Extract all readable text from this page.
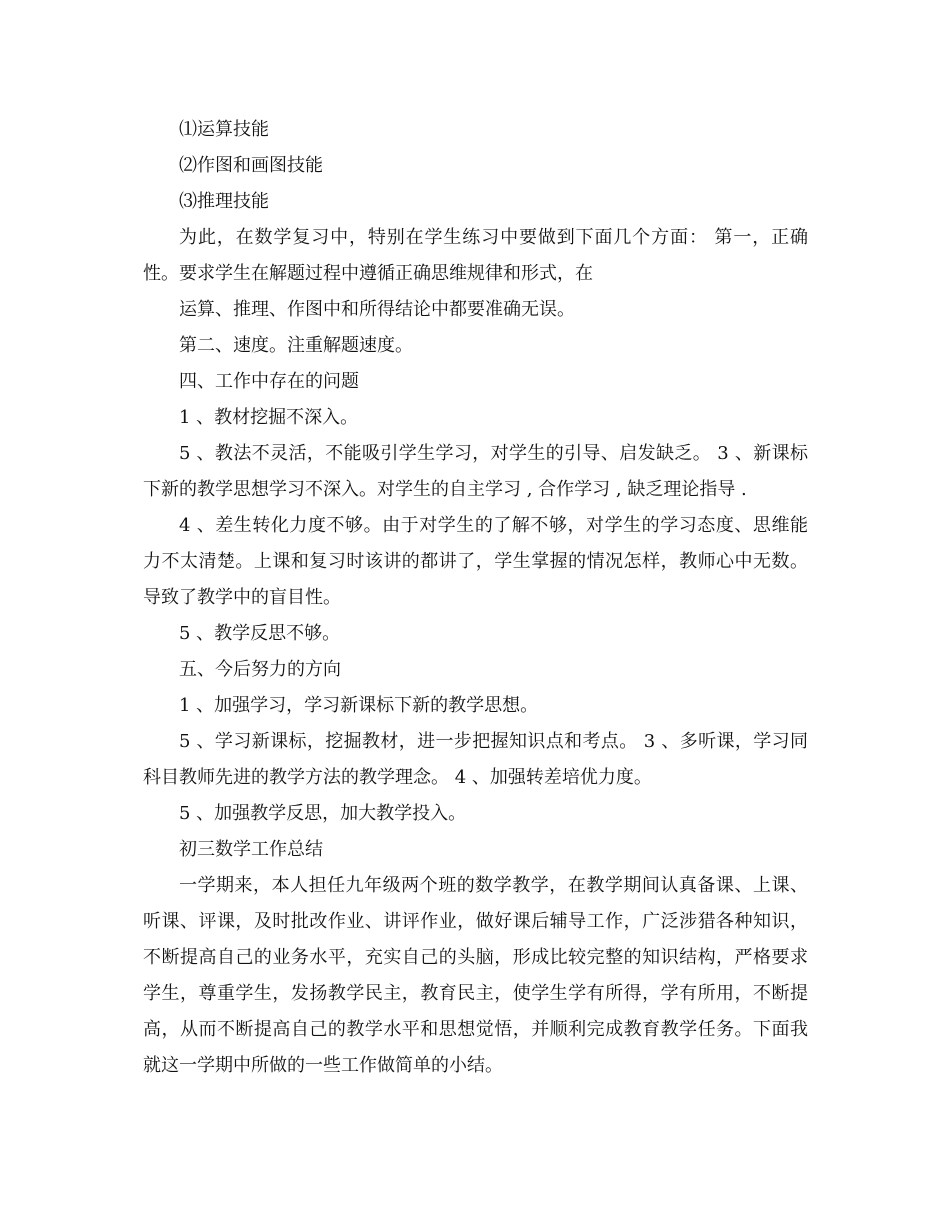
⑴运算技能

⑵作图和画图技能

⑶推理技能

为此，在数学复习中，特别在学生练习中要做到下面几个方面： 第一，正确性。要求学生在解题过程中遵循正确思维规律和形式，在

运算、推理、作图中和所得结论中都要准确无误。

第二、速度。注重解题速度。

四、工作中存在的问题

1 、教材挖掘不深入。

5 、教法不灵活，不能吸引学生学习，对学生的引导、启发缺乏。 3 、新课标下新的教学思想学习不深入。对学生的自主学习 , 合作学习 , 缺乏理论指导 .

4 、差生转化力度不够。由于对学生的了解不够，对学生的学习态度、思维能力不太清楚。上课和复习时该讲的都讲了，学生掌握的情况怎样，教师心中无数。导致了教学中的盲目性。

5 、教学反思不够。

五、今后努力的方向

1 、加强学习，学习新课标下新的教学思想。

5 、学习新课标，挖掘教材，进一步把握知识点和考点。 3 、多听课，学习同科目教师先进的教学方法的教学理念。 4 、加强转差培优力度。

5 、加强教学反思，加大教学投入。

初三数学工作总结

一学期来，本人担任九年级两个班的数学教学，在教学期间认真备课、上课、听课、评课，及时批改作业、讲评作业，做好课后辅导工作，广泛涉猎各种知识，不断提高自己的业务水平，充实自己的头脑，形成比较完整的知识结构，严格要求学生，尊重学生，发扬教学民主，教育民主，使学生学有所得，学有所用，不断提高，从而不断提高自己的教学水平和思想觉悟，并顺利完成教育教学任务。下面我就这一学期中所做的一些工作做简单的小结。
